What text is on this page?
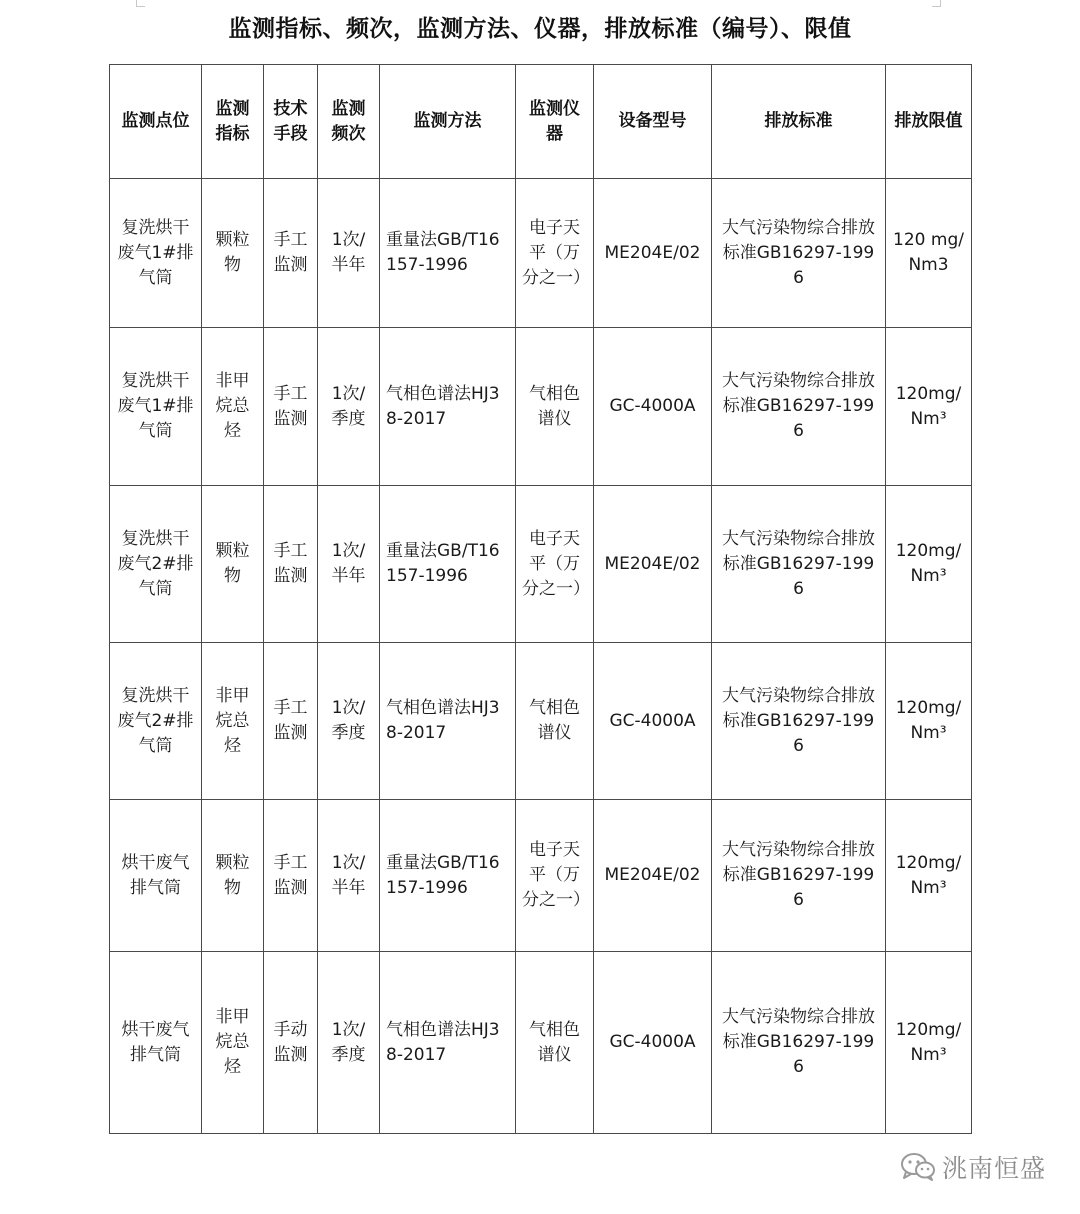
监测指标、频次，监测方法、仪器，排放标准（编号）、限值
监测点位	监测指标	技术手段	监测频次	监测方法	监测仪器	设备型号	排放标准	排放限值
复洗烘干废气1#排气筒	颗粒物	手工监测	1次/半年	重量法GB/T16157-1996	电子天平（万分之一）	ME204E/02	大气污染物综合排放标准GB16297-1996	120 mg/Nm3
复洗烘干废气1#排气筒	非甲烷总烃	手工监测	1次/季度	气相色谱法HJ38-2017	气相色谱仪	GC-4000A	大气污染物综合排放标准GB16297-1996	120mg/Nm³
复洗烘干废气2#排气筒	颗粒物	手工监测	1次/半年	重量法GB/T16157-1996	电子天平（万分之一）	ME204E/02	大气污染物综合排放标准GB16297-1996	120mg/Nm³
复洗烘干废气2#排气筒	非甲烷总烃	手工监测	1次/季度	气相色谱法HJ38-2017	气相色谱仪	GC-4000A	大气污染物综合排放标准GB16297-1996	120mg/Nm³
烘干废气排气筒	颗粒物	手工监测	1次/半年	重量法GB/T16157-1996	电子天平（万分之一）	ME204E/02	大气污染物综合排放标准GB16297-1996	120mg/Nm³
烘干废气排气筒	非甲烷总烃	手动监测	1次/季度	气相色谱法HJ38-2017	气相色谱仪	GC-4000A	大气污染物综合排放标准GB16297-1996	120mg/Nm³
洮南恒盛
